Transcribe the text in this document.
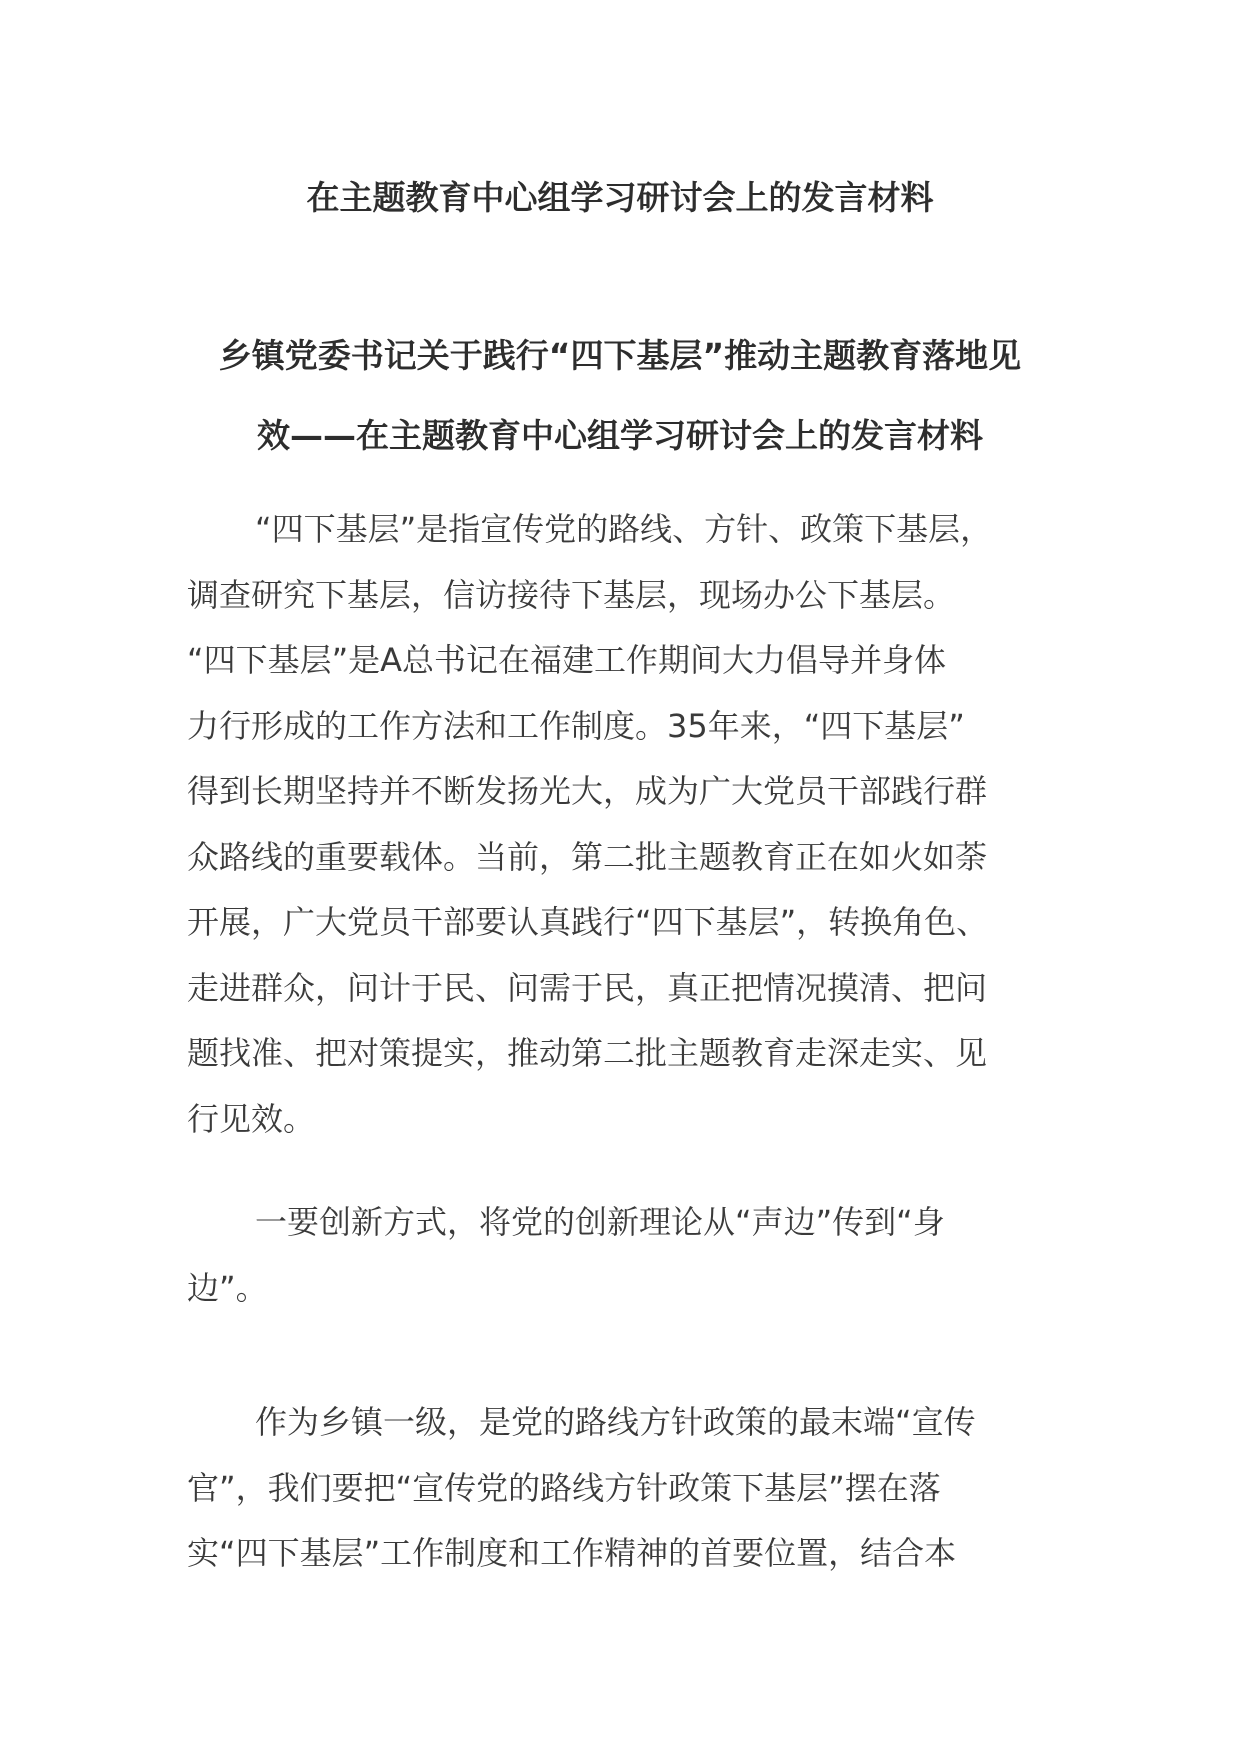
在主题教育中心组学习研讨会上的发言材料
乡镇党委书记关于践行“四下基层”推动主题教育落地见
效——在主题教育中心组学习研讨会上的发言材料

“四下基层”是指宣传党的路线、方针、政策下基层，
调查研究下基层，信访接待下基层，现场办公下基层。
“四下基层”是A总书记在福建工作期间大力倡导并身体
力行形成的工作方法和工作制度。35年来，“四下基层”
得到长期坚持并不断发扬光大，成为广大党员干部践行群
众路线的重要载体。当前，第二批主题教育正在如火如荼
开展，广大党员干部要认真践行“四下基层”，转换角色、
走进群众，问计于民、问需于民，真正把情况摸清、把问
题找准、把对策提实，推动第二批主题教育走深走实、见
行见效。

一要创新方式，将党的创新理论从“声边”传到“身
边”。

作为乡镇一级，是党的路线方针政策的最末端“宣传
官”，我们要把“宣传党的路线方针政策下基层”摆在落
实“四下基层”工作制度和工作精神的首要位置，结合本
